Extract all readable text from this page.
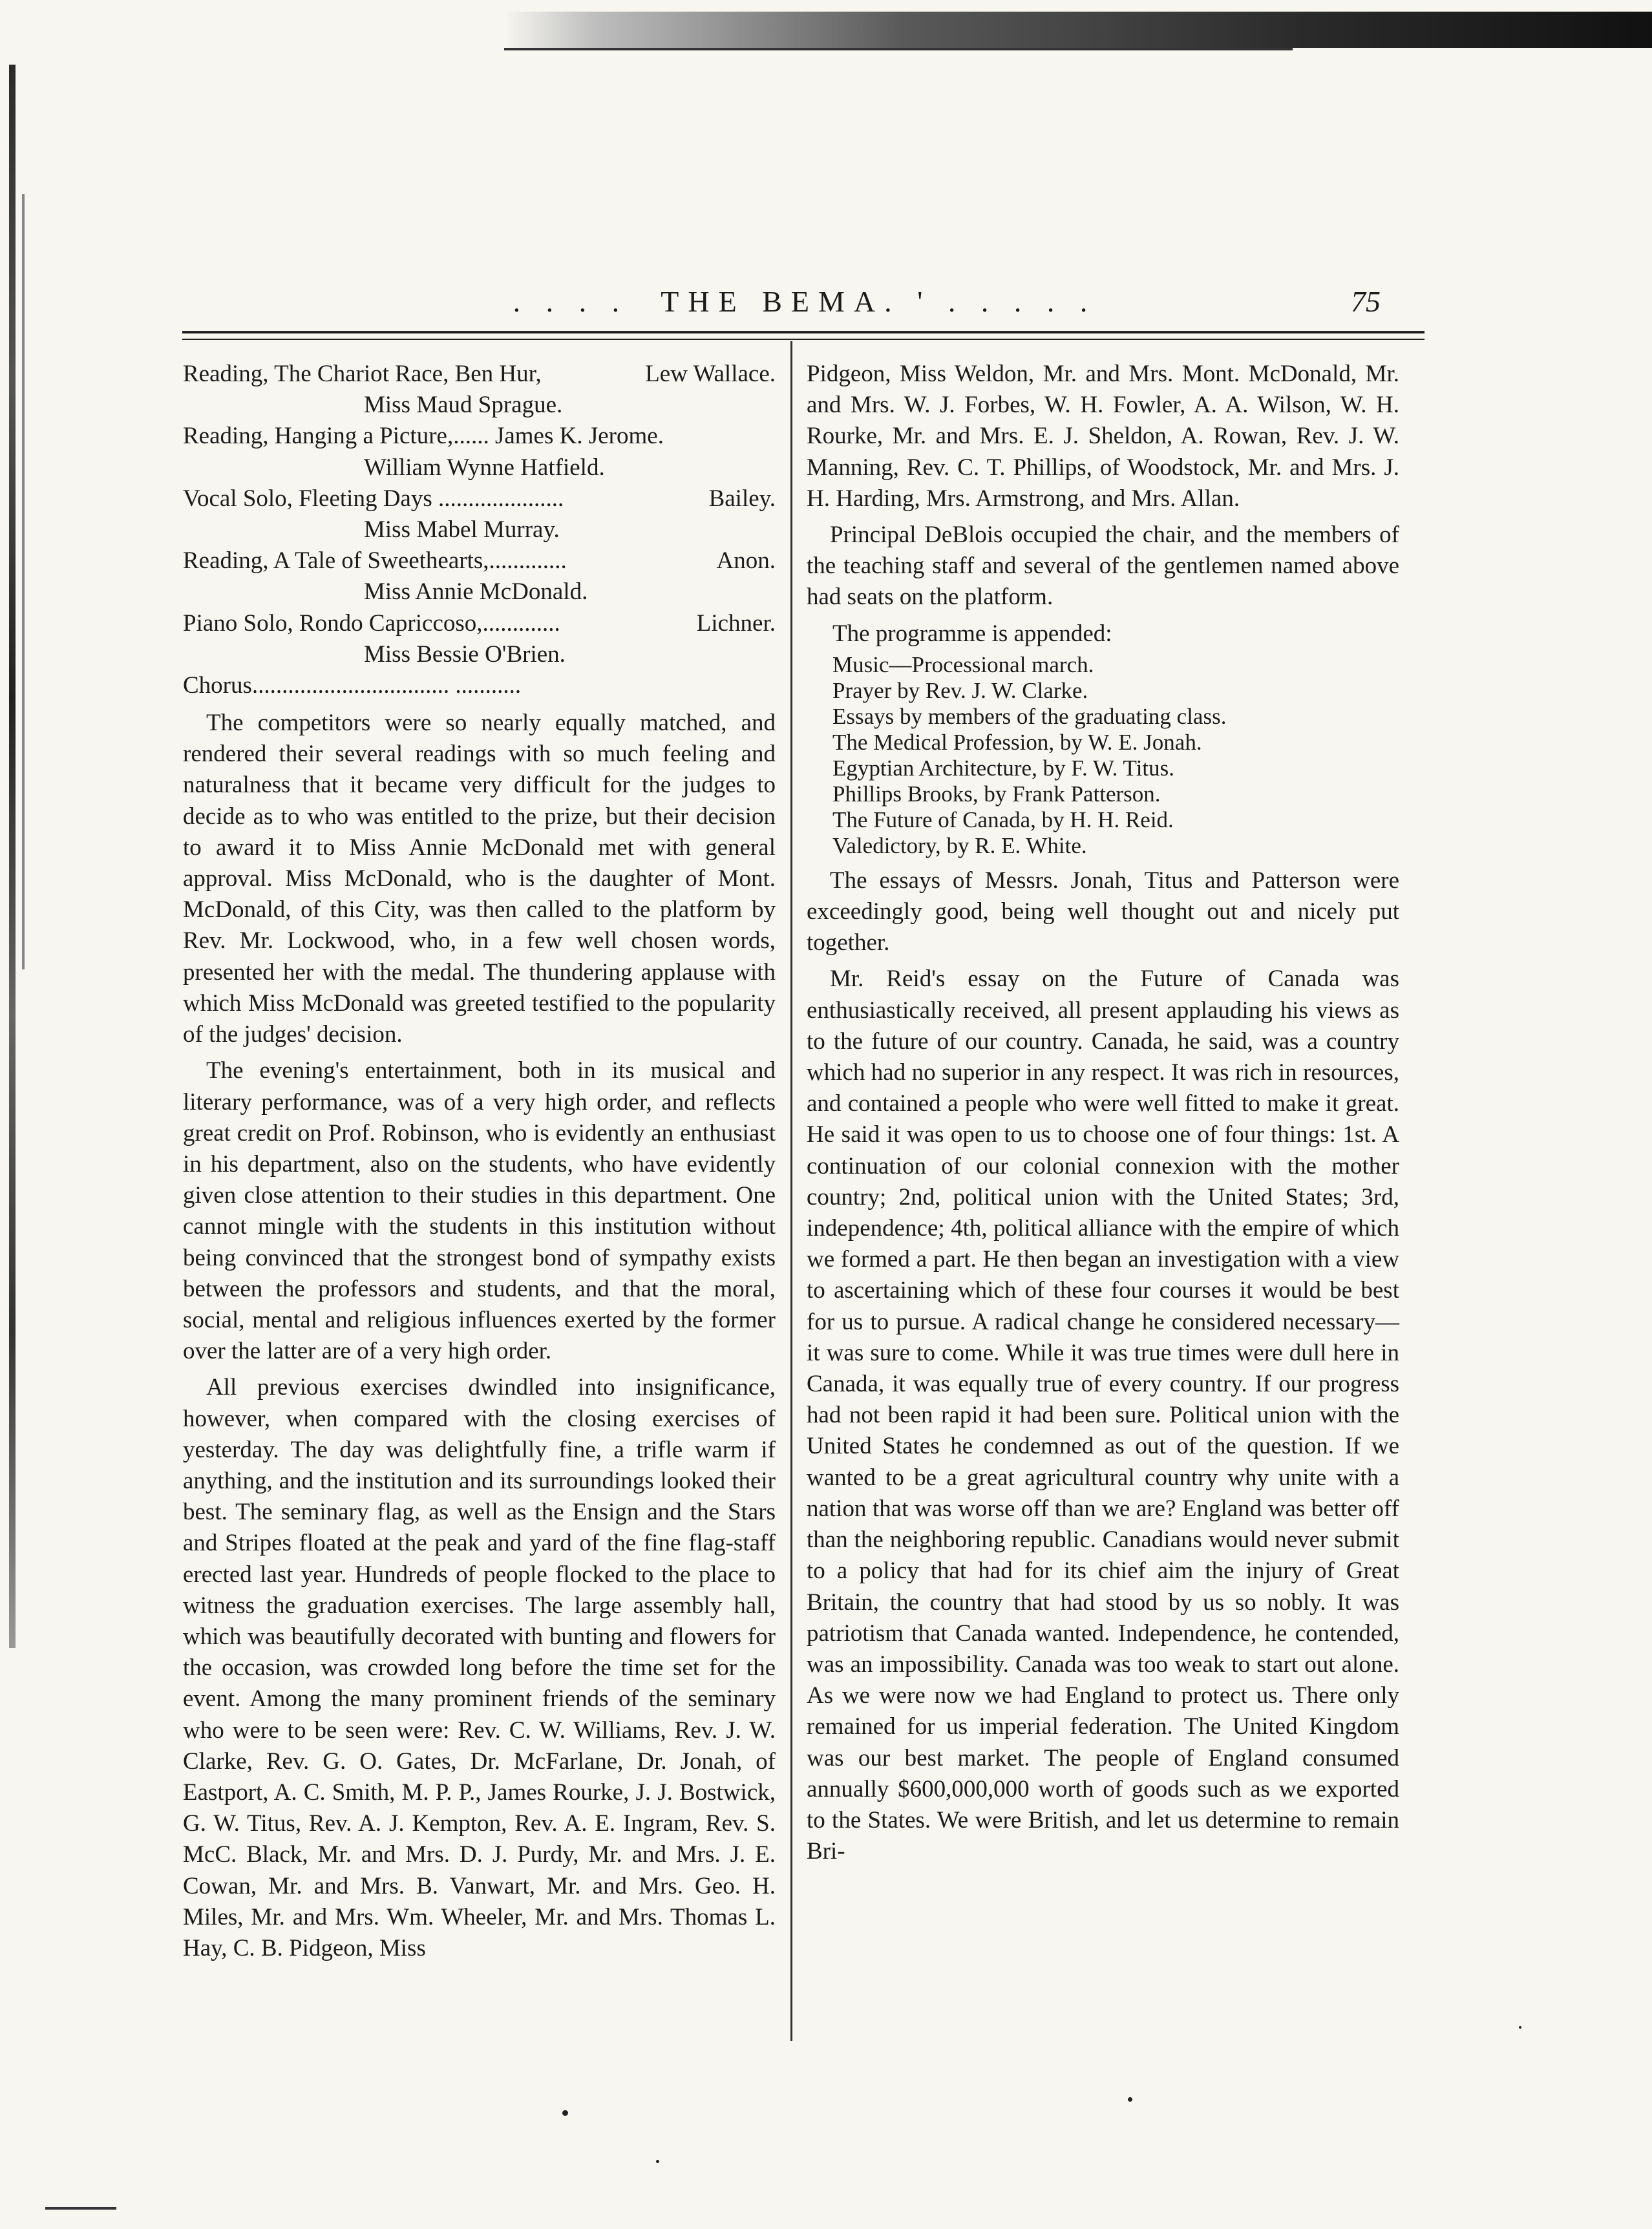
. . . .  THE BEMA. ' . . . . .	75
Reading, The Chariot Race, Ben Hur,	Lew Wallace.
Miss Maud Sprague.
Reading, Hanging a Picture,...... James K. Jerome.
William Wynne Hatfield.
Vocal Solo, Fleeting Days .....................	Bailey.
Miss Mabel Murray.
Reading, A Tale of Sweethearts,.............	Anon.
Miss Annie McDonald.
Piano Solo, Rondo Capriccoso,.............	Lichner.
Miss Bessie O'Brien.
Chorus................................. ...........

The competitors were so nearly equally matched, and rendered their several readings with so much feeling and naturalness that it became very difficult for the judges to decide as to who was entitled to the prize, but their decision to award it to Miss Annie McDonald met with general approval. Miss McDonald, who is the daughter of Mont. McDonald, of this City, was then called to the platform by Rev. Mr. Lockwood, who, in a few well chosen words, presented her with the medal. The thundering applause with which Miss McDonald was greeted testified to the popularity of the judges' decision.

The evening's entertainment, both in its musical and literary performance, was of a very high order, and reflects great credit on Prof. Robinson, who is evidently an enthusiast in his department, also on the students, who have evidently given close attention to their studies in this department. One cannot mingle with the students in this institution without being convinced that the strongest bond of sympathy exists between the professors and students, and that the moral, social, mental and religious influences exerted by the former over the latter are of a very high order.

All previous exercises dwindled into insignificance, however, when compared with the closing exercises of yesterday. The day was delightfully fine, a trifle warm if anything, and the institution and its surroundings looked their best. The seminary flag, as well as the Ensign and the Stars and Stripes floated at the peak and yard of the fine flag-staff erected last year. Hundreds of people flocked to the place to witness the graduation exercises. The large assembly hall, which was beautifully decorated with bunting and flowers for the occasion, was crowded long before the time set for the event. Among the many prominent friends of the seminary who were to be seen were: Rev. C. W. Williams, Rev. J. W. Clarke, Rev. G. O. Gates, Dr. McFarlane, Dr. Jonah, of Eastport, A. C. Smith, M. P. P., James Rourke, J. J. Bostwick, G. W. Titus, Rev. A. J. Kempton, Rev. A. E. Ingram, Rev. S. McC. Black, Mr. and Mrs. D. J. Purdy, Mr. and Mrs. J. E. Cowan, Mr. and Mrs. B. Vanwart, Mr. and Mrs. Geo. H. Miles, Mr. and Mrs. Wm. Wheeler, Mr. and Mrs. Thomas L. Hay, C. B. Pidgeon, Miss

Pidgeon, Miss Weldon, Mr. and Mrs. Mont. McDonald, Mr. and Mrs. W. J. Forbes, W. H. Fowler, A. A. Wilson, W. H. Rourke, Mr. and Mrs. E. J. Sheldon, A. Rowan, Rev. J. W. Manning, Rev. C. T. Phillips, of Woodstock, Mr. and Mrs. J. H. Harding, Mrs. Armstrong, and Mrs. Allan.

Principal DeBlois occupied the chair, and the members of the teaching staff and several of the gentlemen named above had seats on the platform.

The programme is appended:
Music—Processional march.
Prayer by Rev. J. W. Clarke.
Essays by members of the graduating class.
The Medical Profession, by W. E. Jonah.
Egyptian Architecture, by F. W. Titus.
Phillips Brooks, by Frank Patterson.
The Future of Canada, by H. H. Reid.
Valedictory, by R. E. White.

The essays of Messrs. Jonah, Titus and Patterson were exceedingly good, being well thought out and nicely put together.

Mr. Reid's essay on the Future of Canada was enthusiastically received, all present applauding his views as to the future of our country. Canada, he said, was a country which had no superior in any respect. It was rich in resources, and contained a people who were well fitted to make it great. He said it was open to us to choose one of four things: 1st. A continuation of our colonial connexion with the mother country; 2nd, political union with the United States; 3rd, independence; 4th, political alliance with the empire of which we formed a part. He then began an investigation with a view to ascertaining which of these four courses it would be best for us to pursue. A radical change he considered necessary—it was sure to come. While it was true times were dull here in Canada, it was equally true of every country. If our progress had not been rapid it had been sure. Political union with the United States he condemned as out of the question. If we wanted to be a great agricultural country why unite with a nation that was worse off than we are? England was better off than the neighboring republic. Canadians would never submit to a policy that had for its chief aim the injury of Great Britain, the country that had stood by us so nobly. It was patriotism that Canada wanted. Independence, he contended, was an impossibility. Canada was too weak to start out alone. As we were now we had England to protect us. There only remained for us imperial federation. The United Kingdom was our best market. The people of England consumed annually $600,000,000 worth of goods such as we exported to the States. We were British, and let us determine to remain Bri-
